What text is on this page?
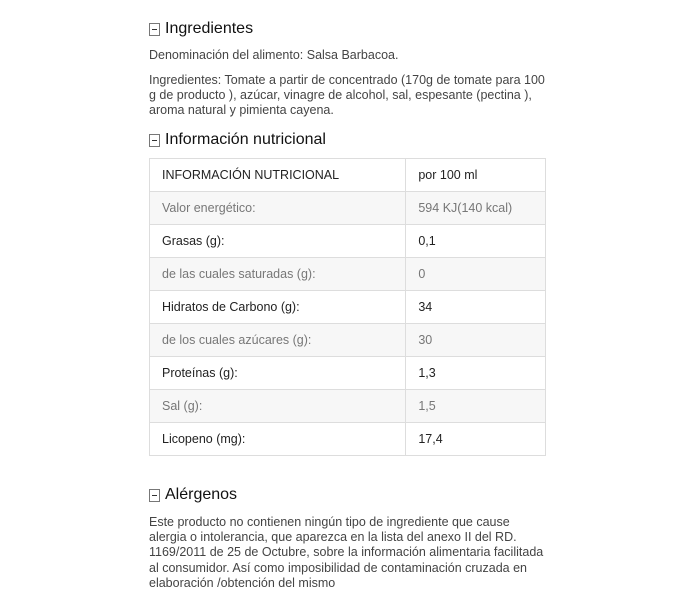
Ingredientes

Denominación del alimento: Salsa Barbacoa.

Ingredientes: Tomate a partir de concentrado (170g de tomate para 100 g de producto ), azúcar, vinagre de alcohol, sal, espesante (pectina ), aroma natural y pimienta cayena.

Información nutricional
INFORMACIÓN NUTRICIONAL	por 100 ml
Valor energético:	594 KJ(140 kcal)
Grasas (g):	0,1
de las cuales saturadas (g):	0
Hidratos de Carbono (g):	34
de los cuales azúcares (g):	30
Proteínas (g):	1,3
Sal (g):	1,5
Licopeno (mg):	17,4
Alérgenos

Este producto no contienen ningún tipo de ingrediente que cause alergia o intolerancia, que aparezca en la lista del anexo II del RD. 1169/2011 de 25 de Octubre, sobre la información alimentaria facilitada al consumidor. Así como imposibilidad de contaminación cruzada en elaboración /obtención del mismo
